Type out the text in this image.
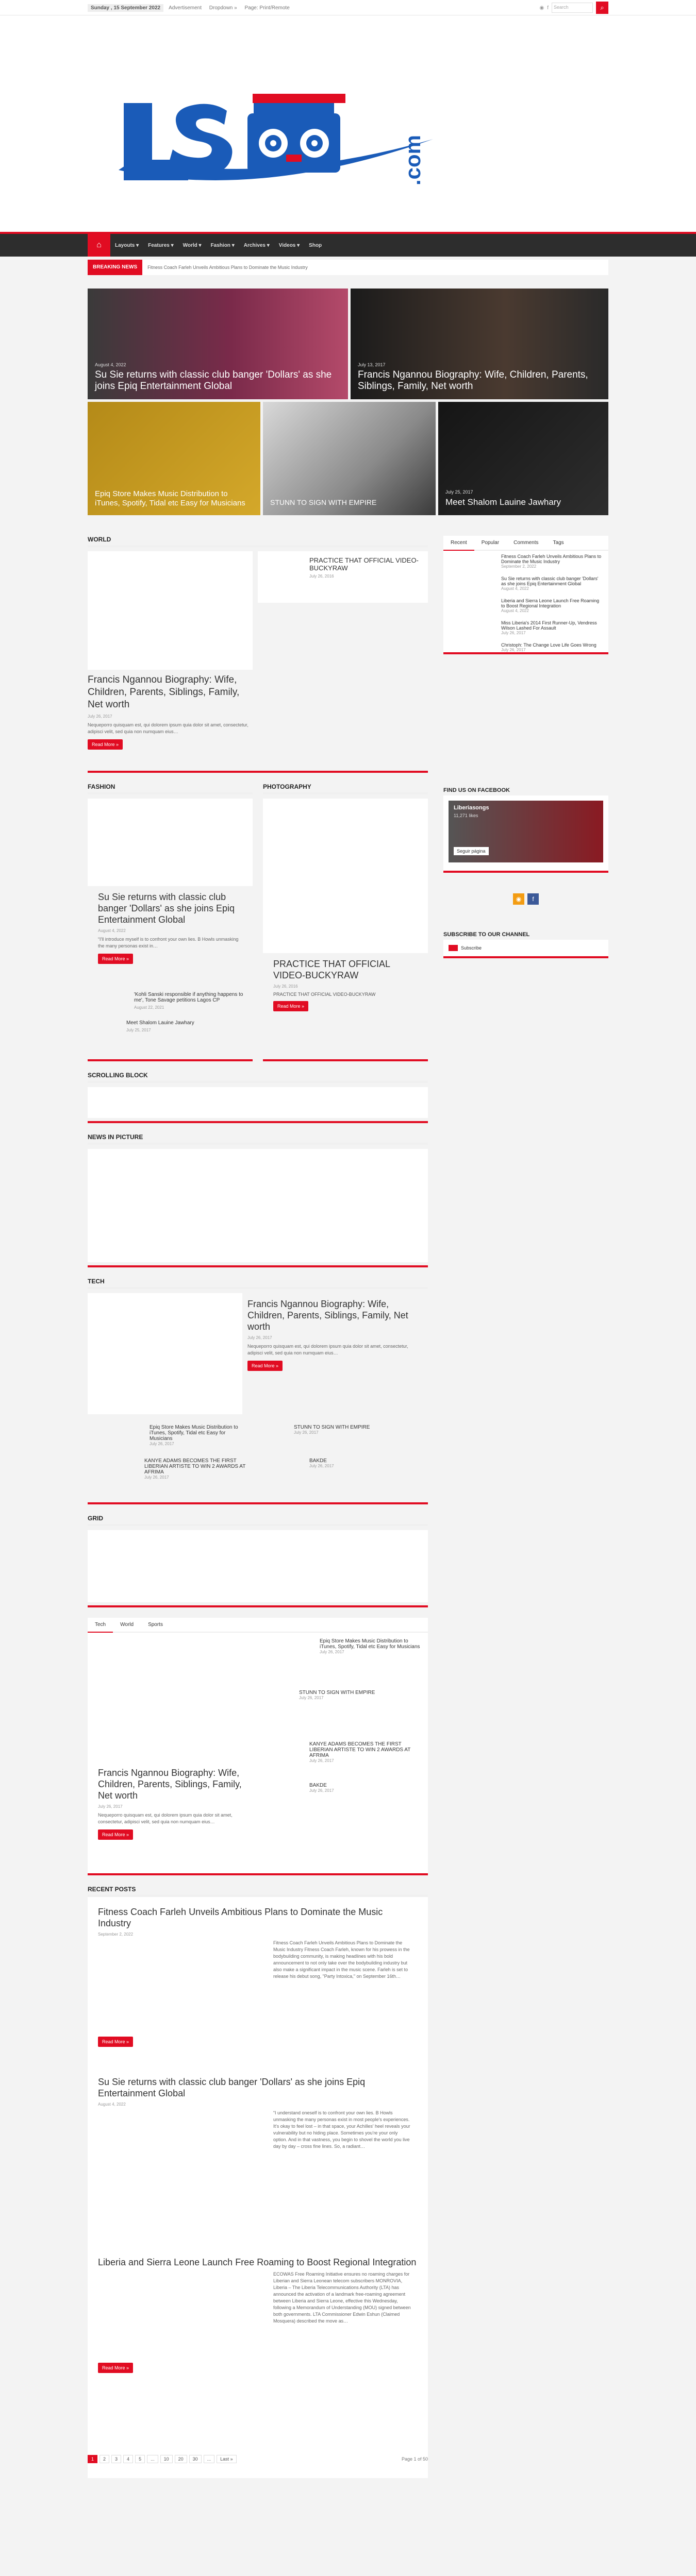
Sunday , 15 September 2022	Advertisement Dropdown » Page: Print/Remote	◉ f	Search	⌕
.com
⌂	Layouts ▾	Features ▾	World ▾	Fashion ▾	Archives ▾	Videos ▾	Shop
BREAKING NEWS	Fitness Coach Farleh Unveils Ambitious Plans to Dominate the Music Industry
August 4, 2022
Su Sie returns with classic club banger 'Dollars' as she joins Epiq Entertainment Global
July 13, 2017
Francis Ngannou Biography: Wife, Children, Parents, Siblings, Family, Net worth
Epiq Store Makes Music Distribution to iTunes, Spotify, Tidal etc Easy for Musicians	STUNN TO SIGN WITH EMPIRE
July 25, 2017
Meet Shalom Lauine Jawhary
WORLD
Francis Ngannou Biography: Wife, Children, Parents, Siblings, Family, Net worth
July 26, 2017
Nequeporro quisquam est, qui dolorem ipsum quia dolor sit amet, consectetur, adipisci velit, sed quia non numquam eius…
Read More »
PRACTICE THAT OFFICIAL VIDEO-BUCKYRAW
July 26, 2016
FASHION
Su Sie returns with classic club banger 'Dollars' as she joins Epiq Entertainment Global
August 4, 2022
“I'll introduce myself is to confront your own lies. B Howls unmasking the many personas exist in…
Read More »
'Kohli Sanski responsible if anything happens to me', Tone Savage petitions Lagos CP
August 22, 2021
Meet Shalom Lauine Jawhary
July 25, 2017
PHOTOGRAPHY
PRACTICE THAT OFFICIAL VIDEO-BUCKYRAW
July 26, 2016
PRACTICE THAT OFFICIAL VIDEO-BUCKYRAW
Read More »
SCROLLING BLOCK
NEWS IN PICTURE
TECH
Francis Ngannou Biography: Wife, Children, Parents, Siblings, Family, Net worth
July 26, 2017
Nequeporro quisquam est, qui dolorem ipsum quia dolor sit amet, consectetur, adipisci velit, sed quia non numquam eius…
Read More »
Epiq Store Makes Music Distribution to iTunes, Spotify, Tidal etc Easy for Musicians
July 26, 2017
STUNN TO SIGN WITH EMPIRE
July 26, 2017
KANYE ADAMS BECOMES THE FIRST LIBERIAN ARTISTE TO WIN 2 AWARDS AT AFRIMA
July 26, 2017
BAKDE
July 26, 2017
GRID
Tech	World	Sports
Francis Ngannou Biography: Wife, Children, Parents, Siblings, Family, Net worth
July 26, 2017
Nequeporro quisquam est, qui dolorem ipsum quia dolor sit amet, consectetur, adipisci velit, sed quia non numquam eius…
Read More »
Epiq Store Makes Music Distribution to iTunes, Spotify, Tidal etc Easy for Musicians
July 26, 2017
STUNN TO SIGN WITH EMPIRE
July 26, 2017
KANYE ADAMS BECOMES THE FIRST LIBERIAN ARTISTE TO WIN 2 AWARDS AT AFRIMA
July 26, 2017
BAKDE
July 26, 2017
RECENT POSTS
Fitness Coach Farleh Unveils Ambitious Plans to Dominate the Music Industry
September 2, 2022
Fitness Coach Farleh Unveils Ambitious Plans to Dominate the Music Industry Fitness Coach Farleh, known for his prowess in the bodybuilding community, is making headlines with his bold announcement to not only take over the bodybuilding industry but also make a significant impact in the music scene. Farleh is set to release his debut song, "Party Intoxica," on September 16th…
Read More »
Su Sie returns with classic club banger 'Dollars' as she joins Epiq Entertainment Global
August 4, 2022
“I understand oneself is to confront your own lies. B Howls unmasking the many personas exist in most people's experiences. It's okay to feel lost – in that space, your Achilles' heel reveals your vulnerability but no hiding place. Sometimes you're your only option. And in that vastness, you begin to shovel the world you live day by day – cross fine lines. So, a radiant…
Liberia and Sierra Leone Launch Free Roaming to Boost Regional Integration
ECOWAS Free Roaming Initiative ensures no roaming charges for Liberian and Sierra Leonean telecom subscribers MONROVIA, Liberia – The Liberia Telecommunications Authority (LTA) has announced the activation of a landmark free-roaming agreement between Liberia and Sierra Leone, effective this Wednesday, following a Memorandum of Understanding (MOU) signed between both governments. LTA Commissioner Edwin Eshun (Claimed Mosquera) described the move as…
Read More »
1	2	3	4	5	...	10	20	30	...	Last »	Page 1 of 50
Recent	Popular	Comments	Tags
Fitness Coach Farleh Unveils Ambitious Plans to Dominate the Music Industry
September 2, 2022
Su Sie returns with classic club banger 'Dollars' as she joins Epiq Entertainment Global
August 4, 2022
Liberia and Sierra Leone Launch Free Roaming to Boost Regional Integration
August 4, 2022
Miss Liberia's 2014 First Runner-Up, Vendress Wilson Lashed For Assault
July 26, 2017
Christoph: The Change Love Life Goes Wrong
July 26, 2017
FIND US ON FACEBOOK
Liberiasongs
11,271 likes
Seguir página
◉	f
SUBSCRIBE TO OUR CHANNEL
Subscribe
